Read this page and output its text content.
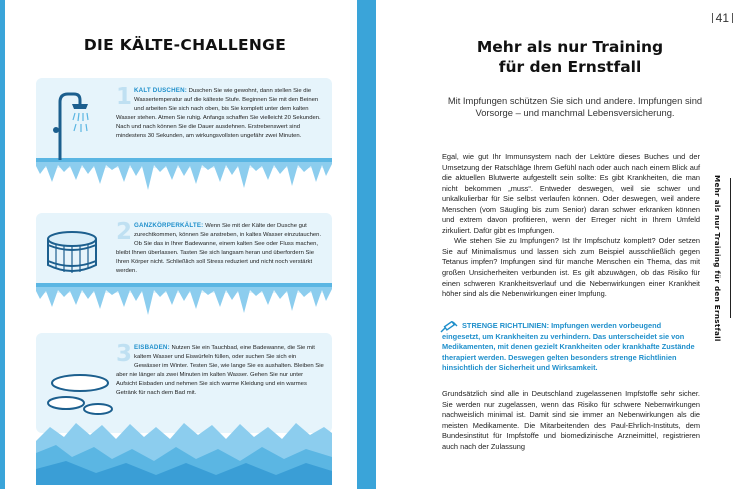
DIE KÄLTE-CHALLENGE
1 KALT DUSCHEN: Duschen Sie wie gewohnt, dann stellen Sie die Wassertemperatur auf die kälteste Stufe. Beginnen Sie mit den Beinen und arbeiten Sie sich nach oben, bis Sie komplett unter dem kalten Wasser stehen. Atmen Sie ruhig. Anfangs schaffen Sie vielleicht 20 Sekunden. Nach und nach können Sie die Dauer ausdehnen. Erstrebenswert sind mindestens 30 Sekunden, am wirkungsvollsten ungefähr zwei Minuten.
2 GANZKÖRPERKÄLTE: Wenn Sie mit der Kälte der Dusche gut zurechtkommen, können Sie anstreben, in kaltes Wasser einzutauchen. Ob Sie das in Ihrer Badewanne, einem kalten See oder Fluss machen, bleibt Ihnen überlassen. Tasten Sie sich langsam heran und überfordern Sie Ihren Körper nicht. Schließlich soll Stress reduziert und nicht noch verstärkt werden.
3 EISBADEN: Nutzen Sie ein Tauchbad, eine Badewanne, die Sie mit kaltem Wasser und Eiswürfeln füllen, oder suchen Sie sich ein Gewässer im Winter. Testen Sie, wie lange Sie es aushalten. Bleiben Sie aber nie länger als zwei Minuten im kalten Wasser. Gehen Sie nur unter Aufsicht Eisbaden und nehmen Sie sich warme Kleidung und ein warmes Getränk für nach dem Bad mit.
41
Mehr als nur Training
für den Ernstfall
Mit Impfungen schützen Sie sich und andere. Impfungen sind Vorsorge – und manchmal Lebensversicherung.

Egal, wie gut Ihr Immunsystem nach der Lektüre dieses Buches und der Umsetzung der Ratschläge Ihrem Gefühl nach oder auch nach einem Blick auf die aktuellen Blutwerte aufgestellt sein sollte: Es gibt Krankheiten, die man nicht bekommen „muss“. Entweder deswegen, weil sie schwer und unkalkulierbar für Sie selbst verlaufen können. Oder deswegen, weil andere Menschen (vom Säugling bis zum Senior) daran schwer erkranken können und extrem davon profitieren, wenn der Erreger nicht in Ihrem Umfeld zirkuliert. Dafür gibt es Impfungen.

Wie stehen Sie zu Impfungen? Ist Ihr Impfschutz komplett? Oder setzen Sie auf Minimalismus und lassen sich zum Beispiel ausschließlich gegen Tetanus impfen? Impfungen sind für manche Menschen ein Thema, das mit großen Unsicherheiten verbunden ist. Es gilt abzuwägen, ob das Risiko für einen schweren Krankheitsverlauf und die Nebenwirkungen einer Krankheit höher sind als die Nebenwirkungen einer Impfung.

STRENGE RICHTLINIEN: Impfungen werden vorbeugend eingesetzt, um Krankheiten zu verhindern. Das unterscheidet sie von Medikamenten, mit denen gezielt Krankheiten oder krankhafte Zustände therapiert werden. Deswegen gelten besonders strenge Richtlinien hinsichtlich der Sicherheit und Wirksamkeit.

Grundsätzlich sind alle in Deutschland zugelassenen Impfstoffe sehr sicher. Sie werden nur zugelassen, wenn das Risiko für schwere Nebenwirkungen nachweislich minimal ist. Damit sind sie immer an Nebenwirkungen als die meisten Medikamente. Die Mitarbeitenden des Paul-Ehrlich-Instituts, dem Bundesinstitut für Impfstoffe und biomedizinische Arzneimittel, registrieren auch nach der Zulassung

Mehr als nur Training für den Ernstfall
